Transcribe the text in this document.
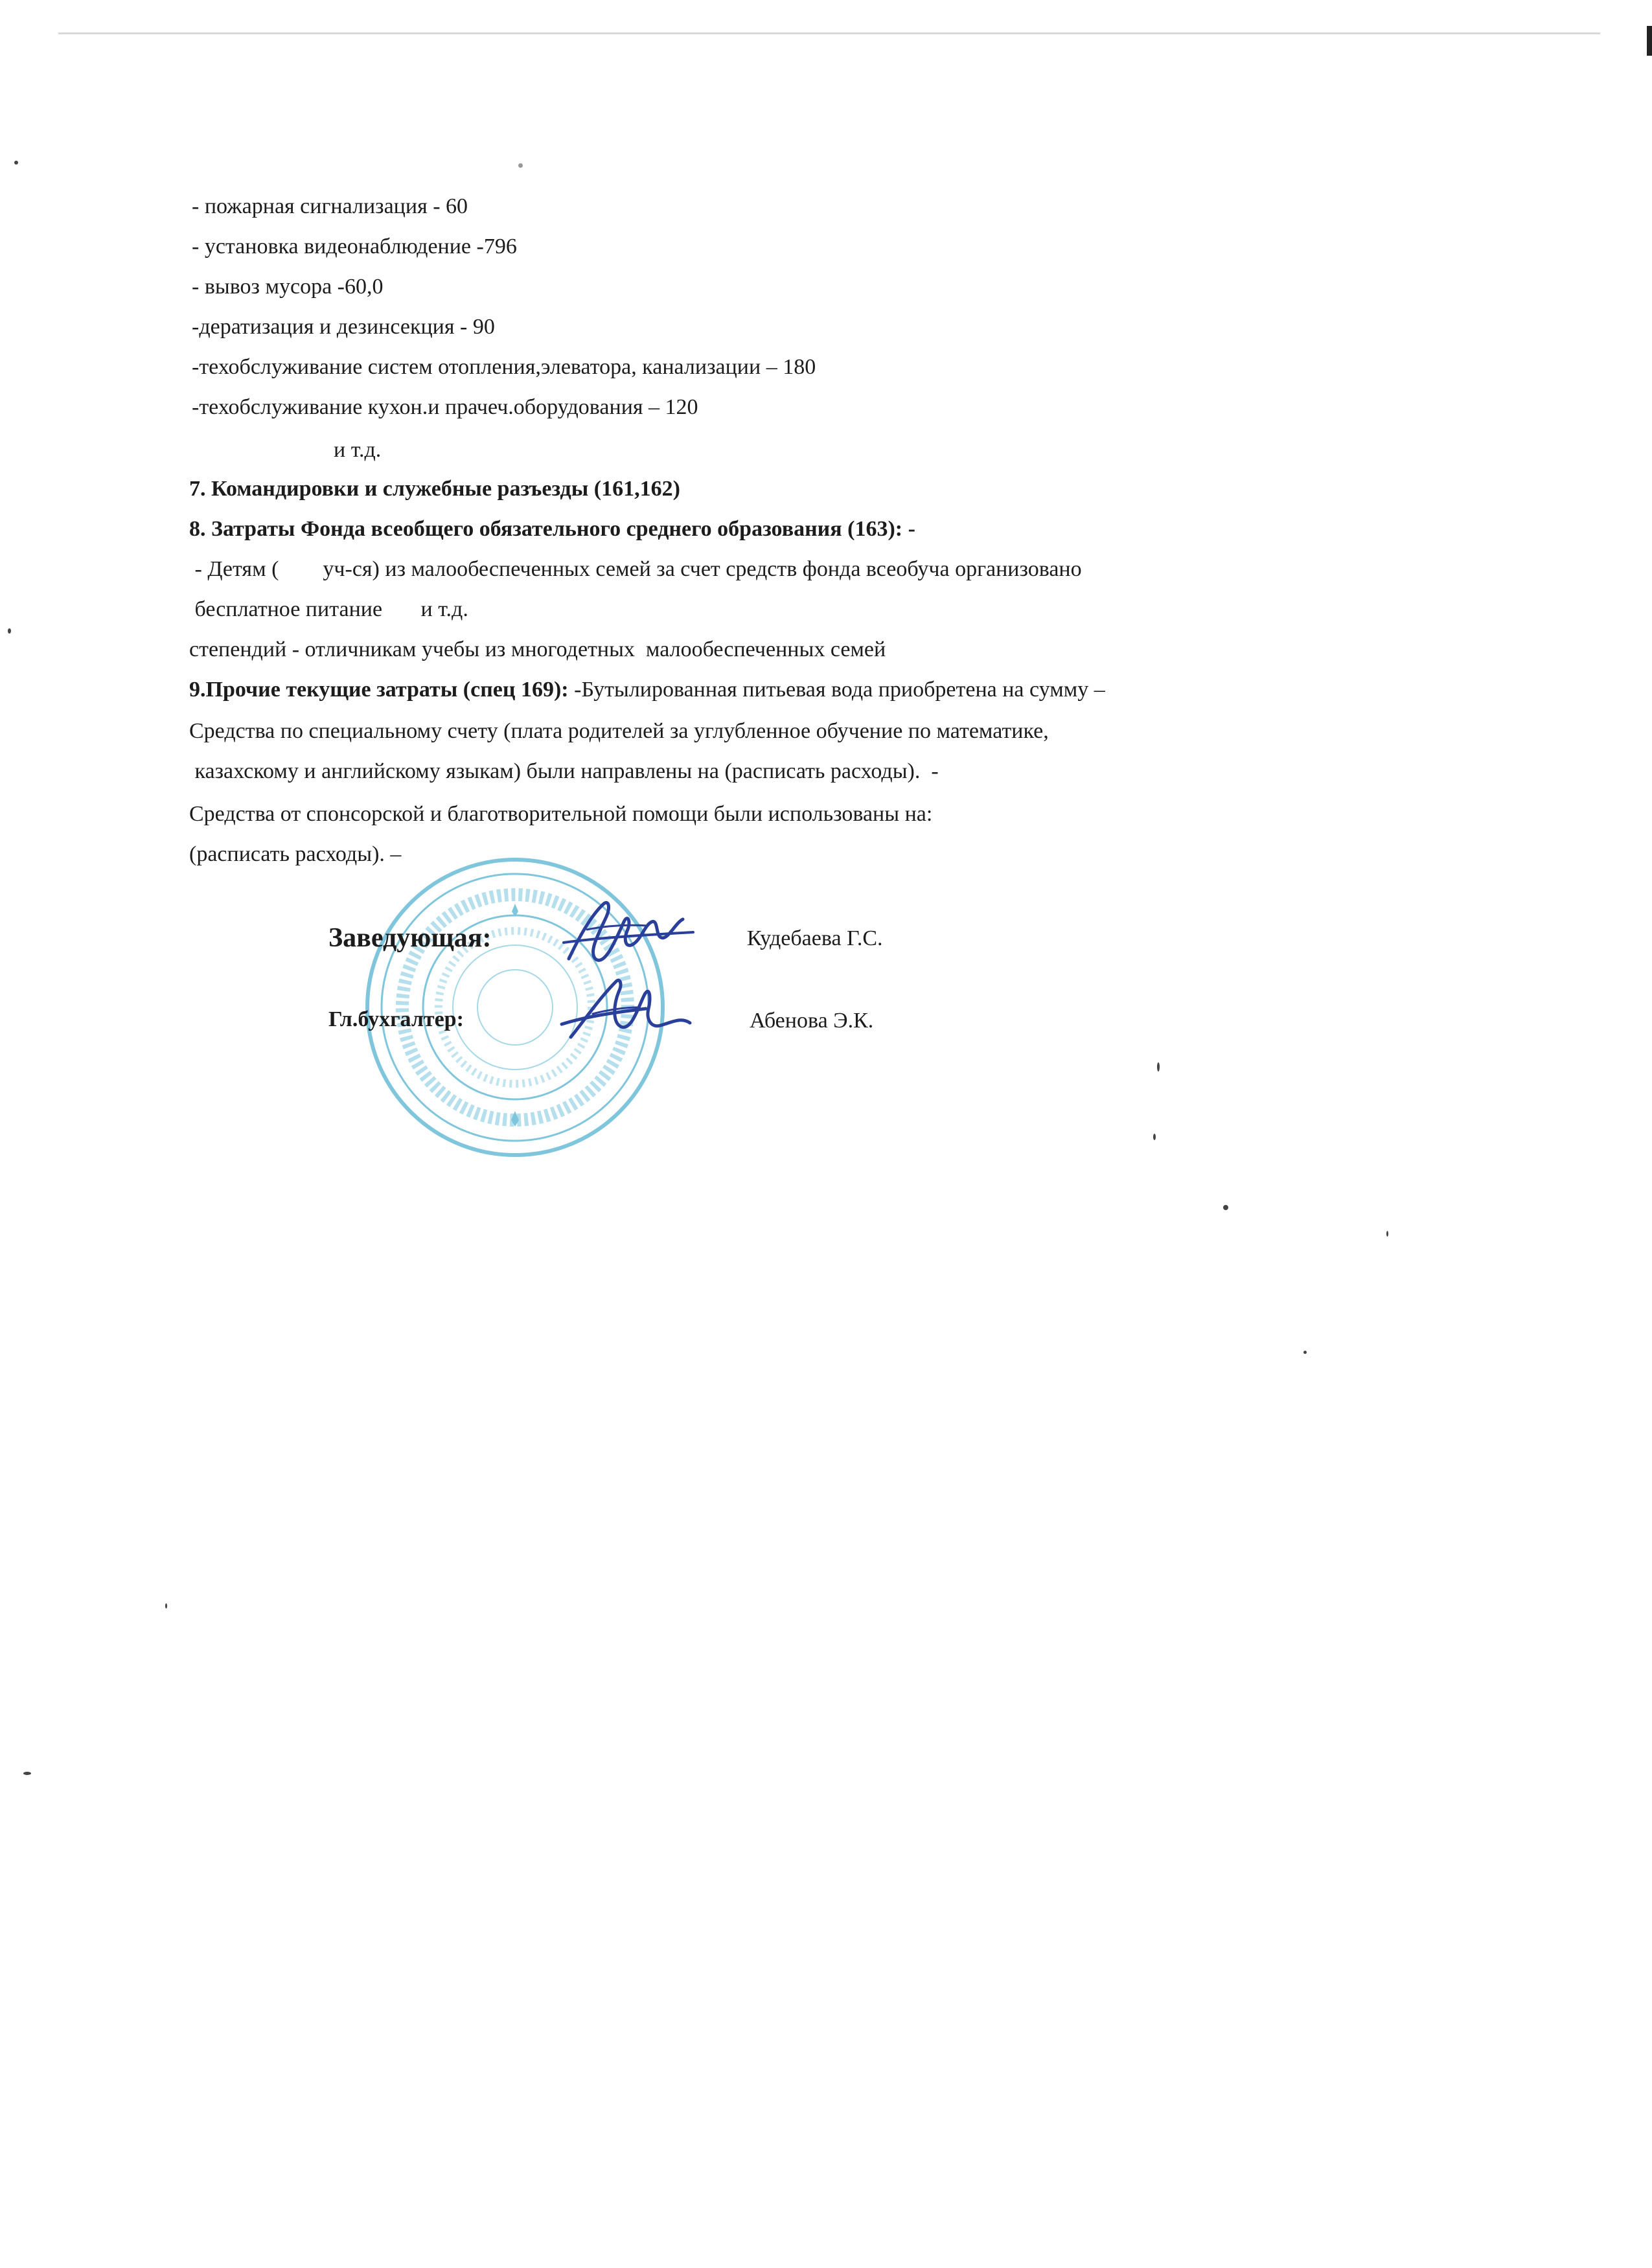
- пожарная сигнализация - 60
- установка видеонаблюдение -796
- вывоз мусора -60,0
-дератизация и дезинсекция - 90
-техобслуживание систем отопления,элеватора, канализации – 180
-техобслуживание кухон.и прачеч.оборудования – 120
и т.д.
7. Командировки и служебные разъезды (161,162)
8. Затраты Фонда всеобщего обязательного среднего образования (163): -
- Детям (        уч-ся) из малообеспеченных семей за счет средств фонда всеобуча организовано
бесплатное питание       и т.д.
степендий - отличникам учебы из многодетных  малообеспеченных семей
9.Прочие текущие затраты (спец 169): -Бутылированная питьевая вода приобретена на сумму –
Средства по специальному счету (плата родителей за углубленное обучение по математике,
казахскому и английскому языкам) были направлены на (расписать расходы).  -
Средства от спонсорской и благотворительной помощи были использованы на:
(расписать расходы). –
Заведующая:	Кудебаева Г.С.
Гл.бухгалтер:	Абенова Э.К.
